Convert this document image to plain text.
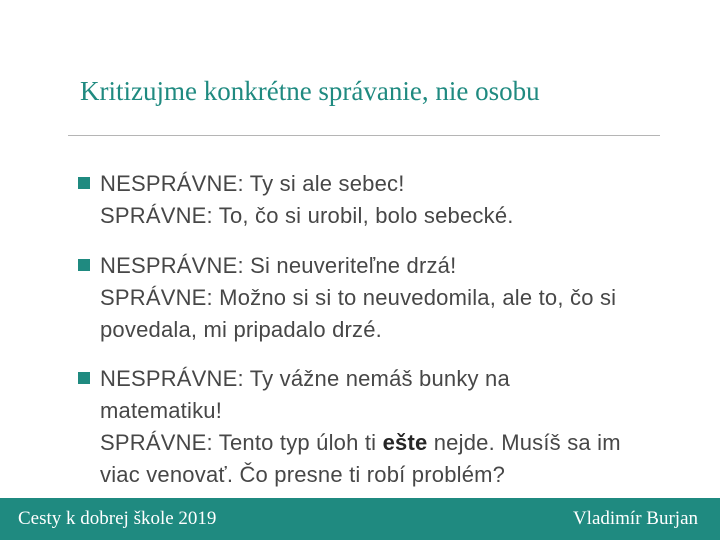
Kritizujme konkrétne správanie, nie osobu
NESPRÁVNE: Ty si ale sebec!
SPRÁVNE: To, čo si urobil, bolo sebecké.
NESPRÁVNE: Si neuveriteľne drzá!
SPRÁVNE: Možno si si to neuvedomila, ale to, čo si
povedala, mi pripadalo drzé.
NESPRÁVNE: Ty vážne nemáš bunky na
matematiku!
SPRÁVNE: Tento typ úloh ti ešte nejde. Musíš sa im
viac venovať. Čo presne ti robí problém?
Cesty k dobrej škole 2019	Vladimír Burjan
